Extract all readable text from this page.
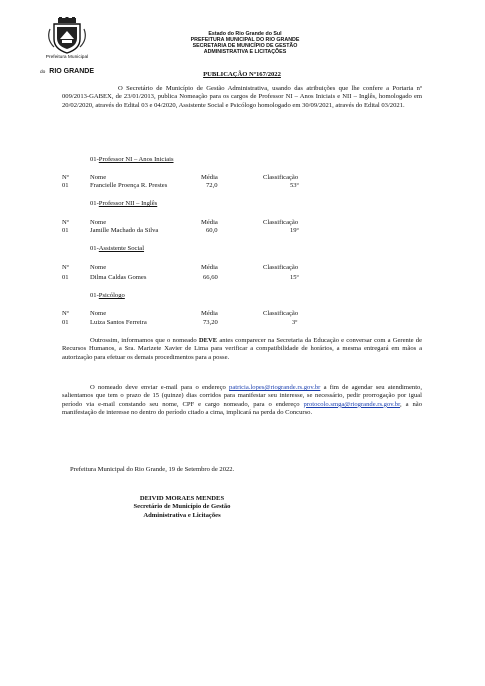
Prefeitura Municipal
do RIO GRANDE
Estado do Rio Grande do Sul
PREFEITURA MUNICIPAL DO RIO GRANDE
SECRETARIA DE MUNICÍPIO DE GESTÃO
ADMINISTRATIVA E LICITAÇÕES
PUBLICAÇÃO Nº167/2022
O Secretário de Município de Gestão Administrativa, usando das atribuições que lhe confere a Portaria nº 009/2013-GABEX, de 23/01/2013, publica Nomeação para os cargos de Professor NI – Anos Iniciais e NII – Inglês, homologado em 20/02/2020, através do Edital 03 e 04/2020, Assistente Social e Psicólogo homologado em 30/09/2021, através do Edital 03/2021.
01-Professor NI – Anos Iniciais
Nº	Nome	Média	Classificação
01	Francielle Proença R. Prestes	72,0	53º
01-Professor NII – Inglês
Nº	Nome	Média	Classificação
01	Jamille Machado da Silva	60,0	19º
01-Assistente Social
Nº	Nome	Média	Classificação
01	Dilma Caldas Gomes	66,60	15º
01-Psicólogo
Nº	Nome	Média	Classificação
01	Luiza Santos Ferreira	73,20	3º
Outrossim, informamos que o nomeado DEVE antes comparecer na Secretaria da Educação e conversar com a Gerente de Recursos Humanos, a Sra. Marizete Xavier de Lima para verificar a compatibilidade de horários, a mesma entregará em mãos a autorização para efetuar os demais procedimentos para a posse.
O nomeado deve enviar e-mail para o endereço patricia.lopes@riogrande.rs.gov.br a fim de agendar seu atendimento, salientamos que tem o prazo de 15 (quinze) dias corridos para manifestar seu interesse, se necessário, pedir prorrogação por igual período via e-mail constando seu nome, CPF e cargo nomeado, para o endereço protocolo.smga@riogrande.rs.gov.br, a não manifestação de interesse no dentro do período citado a cima, implicará na perda do Concurso.
Prefeitura Municipal do Rio Grande, 19 de Setembro de 2022.
DEIVID MORAES MENDES
Secretário de Município de Gestão
Administrativa e Licitações
